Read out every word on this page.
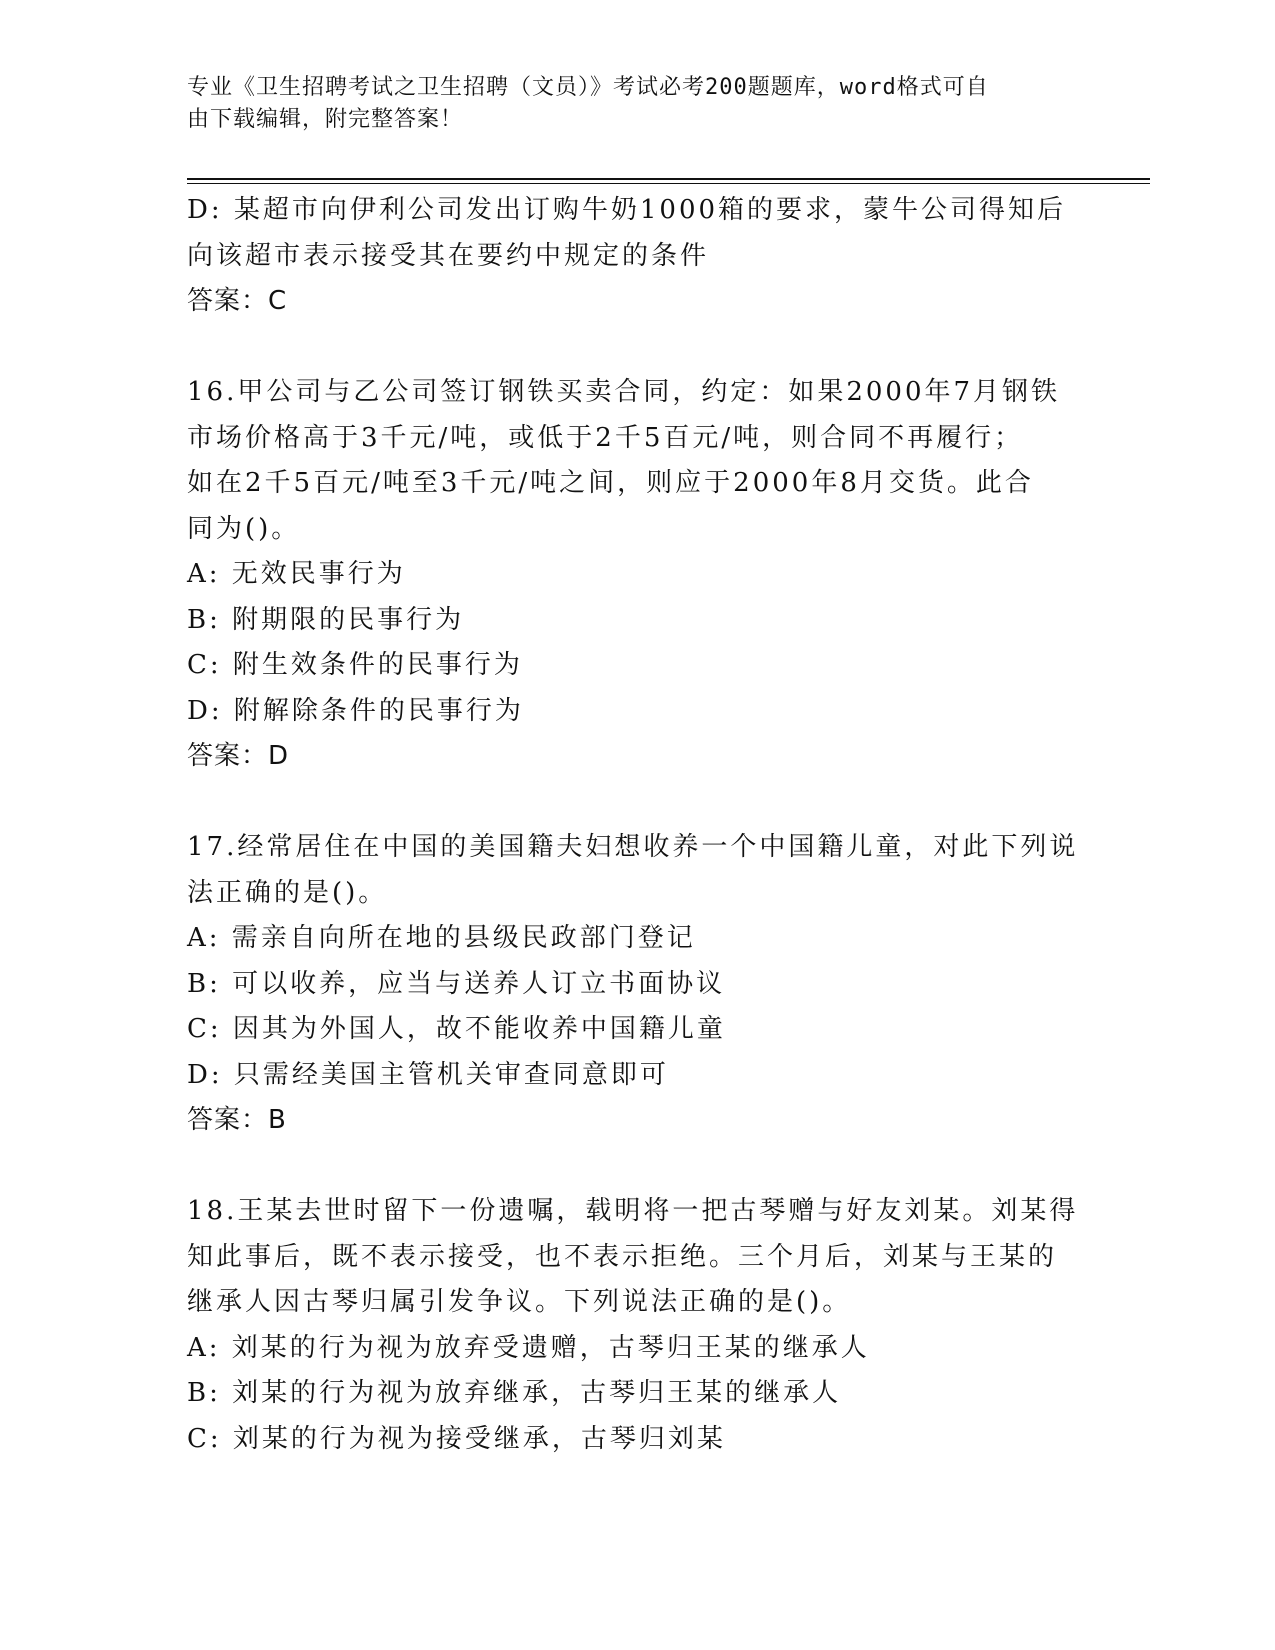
专业《卫生招聘考试之卫生招聘（文员）》考试必考200题题库，word格式可自
由下载编辑，附完整答案！
D: 某超市向伊利公司发出订购牛奶1000箱的要求，蒙牛公司得知后
向该超市表示接受其在要约中规定的条件
答案：C
16.甲公司与乙公司签订钢铁买卖合同，约定：如果2000年7月钢铁
市场价格高于3千元/吨，或低于2千5百元/吨，则合同不再履行；
如在2千5百元/吨至3千元/吨之间，则应于2000年8月交货。此合
同为()。
A: 无效民事行为
B: 附期限的民事行为
C: 附生效条件的民事行为
D: 附解除条件的民事行为
答案：D
17.经常居住在中国的美国籍夫妇想收养一个中国籍儿童，对此下列说
法正确的是()。
A: 需亲自向所在地的县级民政部门登记
B: 可以收养，应当与送养人订立书面协议
C: 因其为外国人，故不能收养中国籍儿童
D: 只需经美国主管机关审查同意即可
答案：B
18.王某去世时留下一份遗嘱，载明将一把古琴赠与好友刘某。刘某得
知此事后，既不表示接受，也不表示拒绝。三个月后，刘某与王某的
继承人因古琴归属引发争议。下列说法正确的是()。
A: 刘某的行为视为放弃受遗赠，古琴归王某的继承人
B: 刘某的行为视为放弃继承，古琴归王某的继承人
C: 刘某的行为视为接受继承，古琴归刘某
